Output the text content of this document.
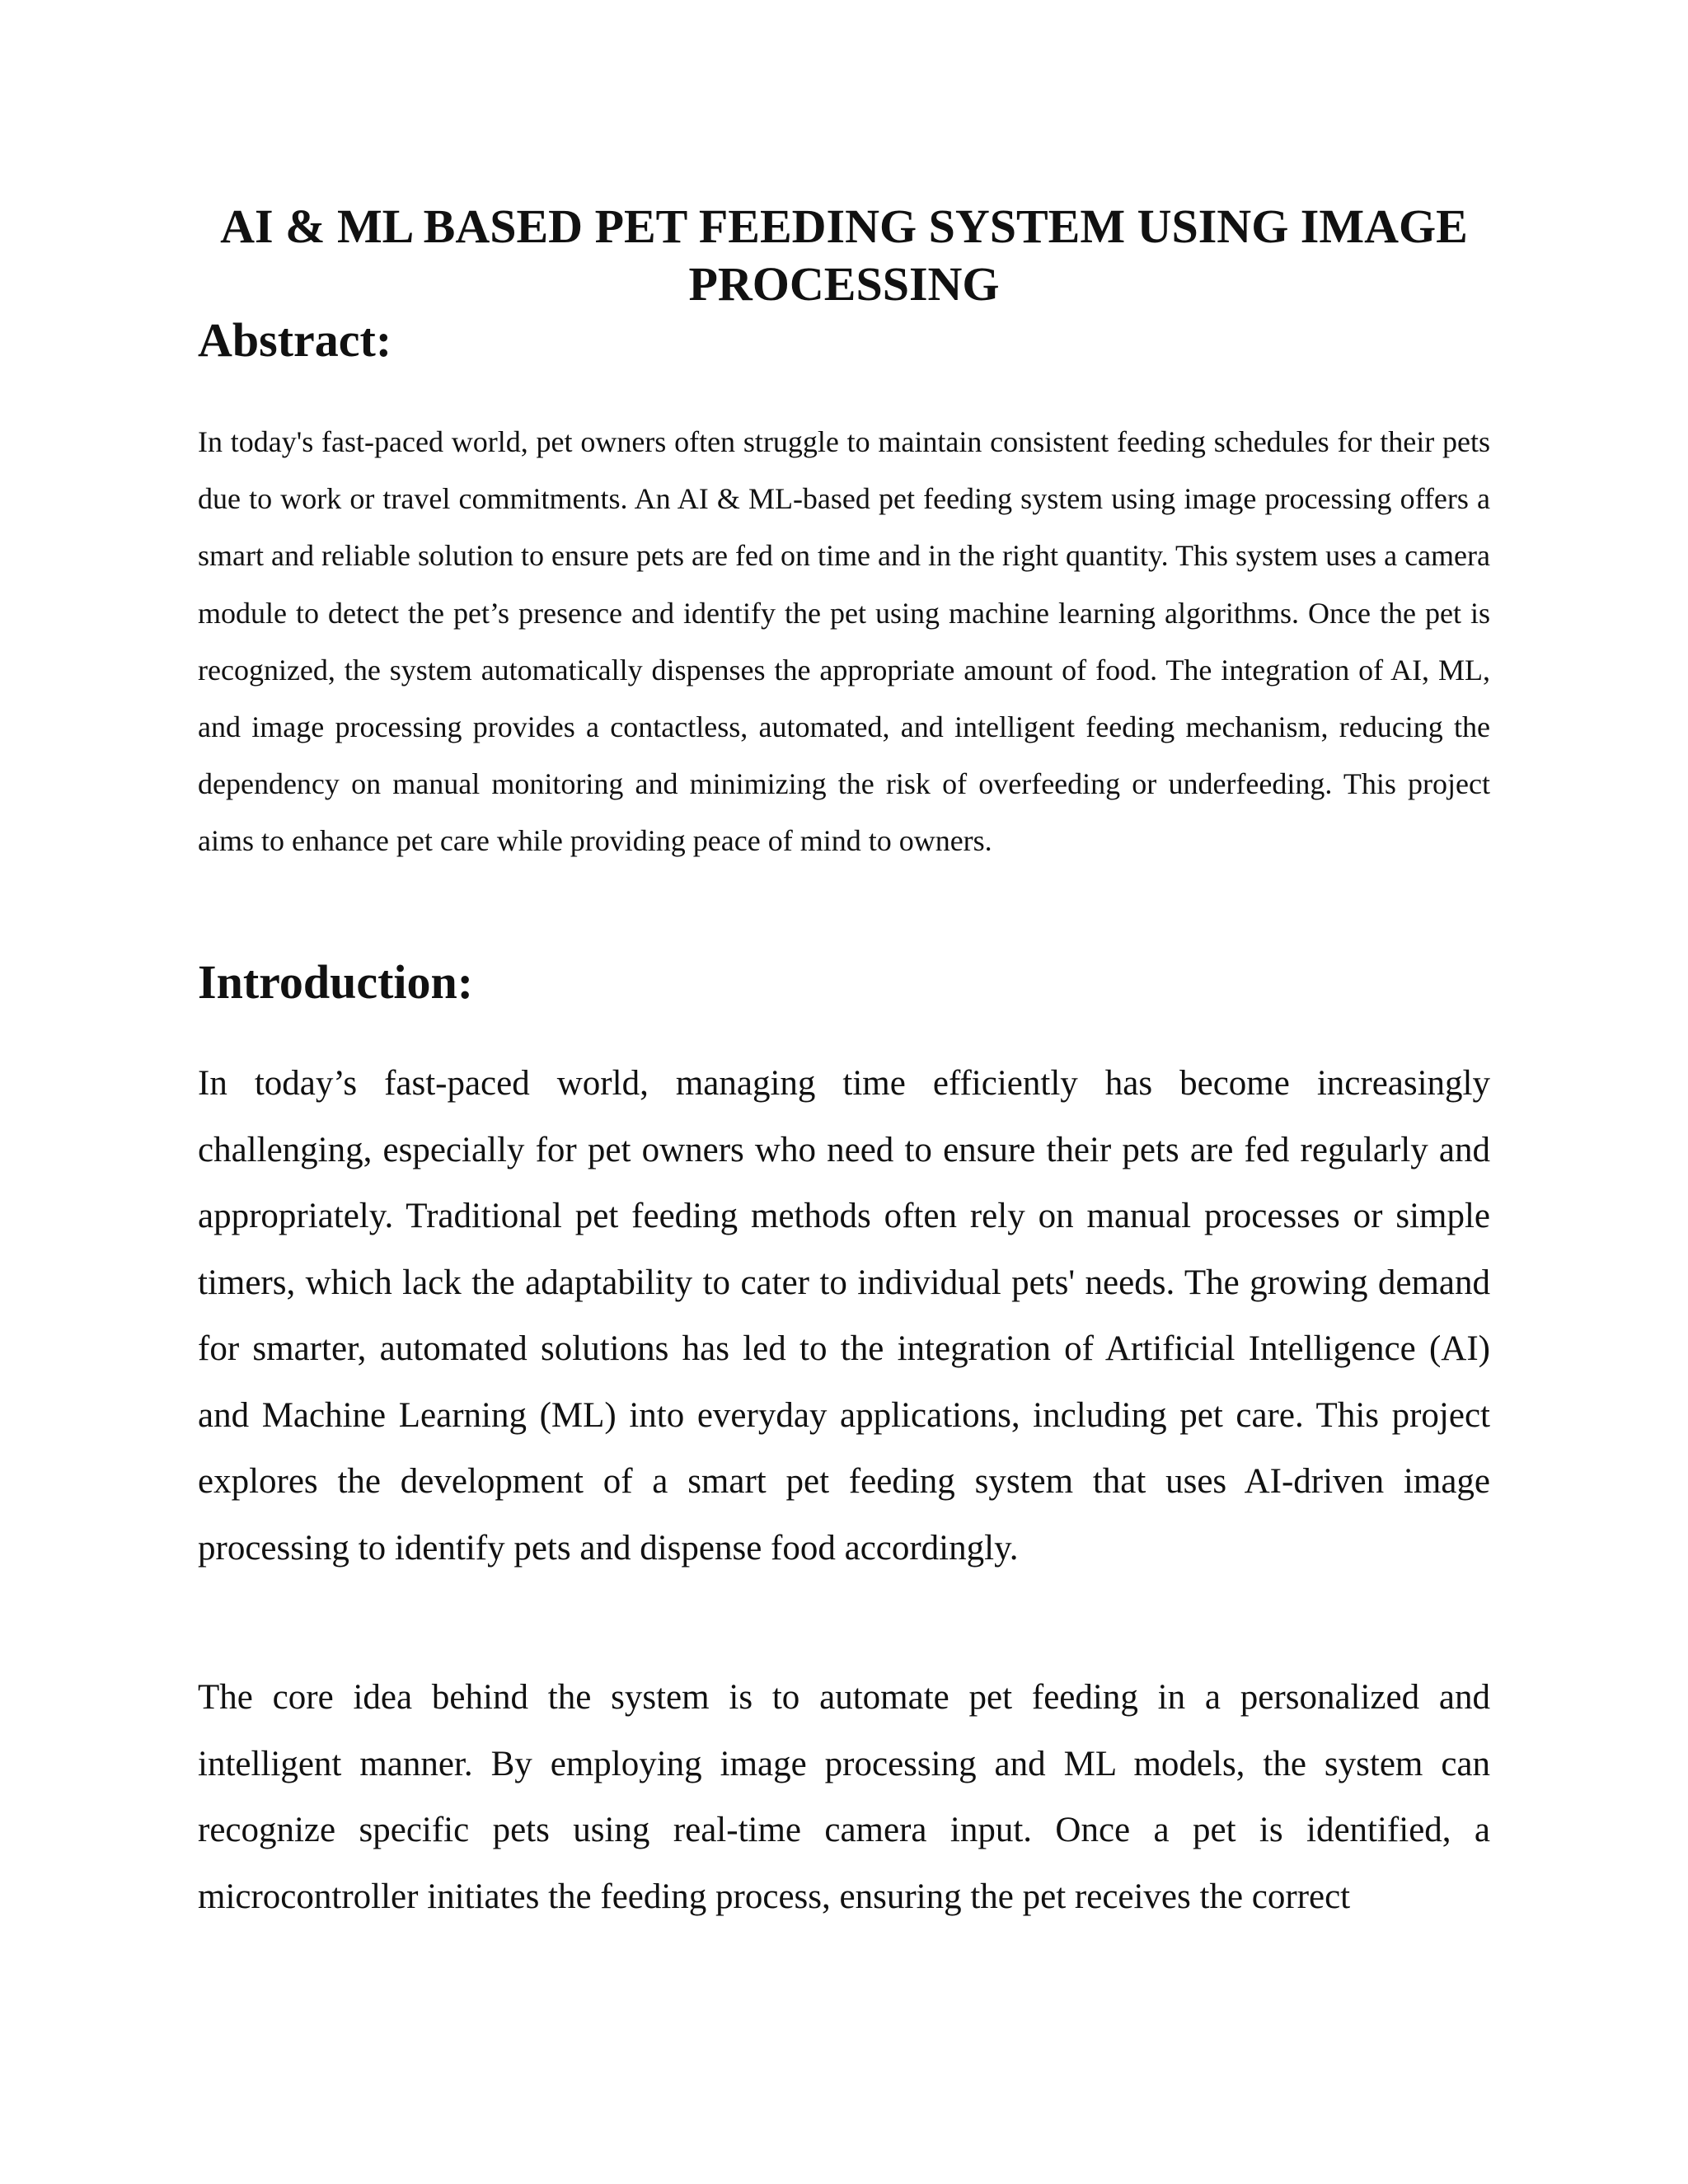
AI & ML BASED PET FEEDING SYSTEM USING IMAGE PROCESSING
Abstract:

In today's fast-paced world, pet owners often struggle to maintain consistent feeding schedules for their pets due to work or travel commitments. An AI & ML-based pet feeding system using image processing offers a smart and reliable solution to ensure pets are fed on time and in the right quantity. This system uses a camera module to detect the pet’s presence and identify the pet using machine learning algorithms. Once the pet is recognized, the system automatically dispenses the appropriate amount of food. The integration of AI, ML, and image processing provides a contactless, automated, and intelligent feeding mechanism, reducing the dependency on manual monitoring and minimizing the risk of overfeeding or underfeeding. This project aims to enhance pet care while providing peace of mind to owners.

Introduction:

In today’s fast-paced world, managing time efficiently has become increasingly challenging, especially for pet owners who need to ensure their pets are fed regularly and appropriately. Traditional pet feeding methods often rely on manual processes or simple timers, which lack the adaptability to cater to individual pets' needs. The growing demand for smarter, automated solutions has led to the integration of Artificial Intelligence (AI) and Machine Learning (ML) into everyday applications, including pet care. This project explores the development of a smart pet feeding system that uses AI-driven image processing to identify pets and dispense food accordingly.

The core idea behind the system is to automate pet feeding in a personalized and intelligent manner. By employing image processing and ML models, the system can recognize specific pets using real-time camera input. Once a pet is identified, a microcontroller initiates the feeding process, ensuring the pet receives the correct
